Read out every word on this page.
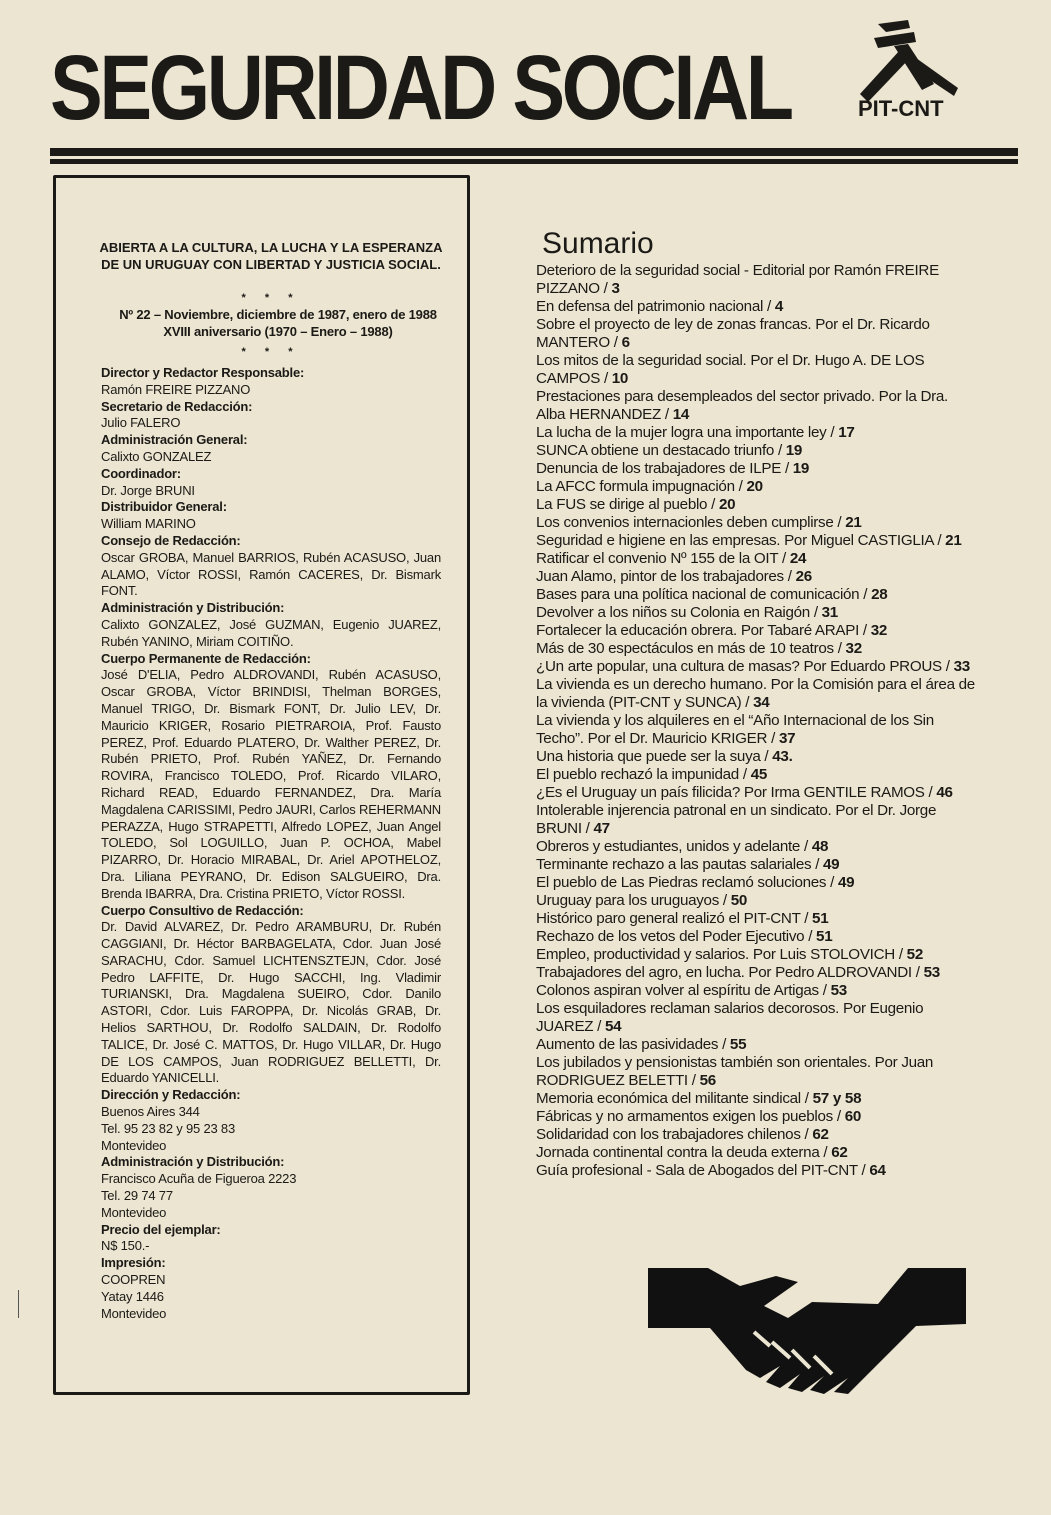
SEGURIDAD SOCIAL	PIT-CNT
ABIERTA A LA CULTURA, LA LUCHA Y LA ESPERANZA DE UN URUGUAY CON LIBERTAD Y JUSTICIA SOCIAL.
* * *
Nº 22 – Noviembre, diciembre de 1987, enero de 1988
XVIII aniversario (1970 – Enero – 1988)
* * *
Director y Redactor Responsable:
Ramón FREIRE PIZZANO
Secretario de Redacción:
Julio FALERO
Administración General:
Calixto GONZALEZ
Coordinador:
Dr. Jorge BRUNI
Distribuidor General:
William MARINO
Consejo de Redacción:
Oscar GROBA, Manuel BARRIOS, Rubén ACASUSO, Juan ALAMO, Víctor ROSSI, Ramón CACERES, Dr. Bismark FONT.
Administración y Distribución:
Calixto GONZALEZ, José GUZMAN, Eugenio JUAREZ, Rubén YANINO, Miriam COITIÑO.
Cuerpo Permanente de Redacción:
José D'ELIA, Pedro ALDROVANDI, Rubén ACASUSO, Oscar GROBA, Víctor BRINDISI, Thelman BORGES, Manuel TRIGO, Dr. Bismark FONT, Dr. Julio LEV, Dr. Mauricio KRIGER, Rosario PIETRAROIA, Prof. Fausto PEREZ, Prof. Eduardo PLATERO, Dr. Walther PEREZ, Dr. Rubén PRIETO, Prof. Rubén YAÑEZ, Dr. Fernando ROVIRA, Francisco TOLEDO, Prof. Ricardo VILARO, Richard READ, Eduardo FERNANDEZ, Dra. María Magdalena CARISSIMI, Pedro JAURI, Carlos REHERMANN PERAZZA, Hugo STRAPETTI, Alfredo LOPEZ, Juan Angel TOLEDO, Sol LOGUILLO, Juan P. OCHOA, Mabel PIZARRO, Dr. Horacio MIRABAL, Dr. Ariel APOTHELOZ, Dra. Liliana PEYRANO, Dr. Edison SALGUEIRO, Dra. Brenda IBARRA, Dra. Cristina PRIETO, Víctor ROSSI.
Cuerpo Consultivo de Redacción:
Dr. David ALVAREZ, Dr. Pedro ARAMBURU, Dr. Rubén CAGGIANI, Dr. Héctor BARBAGELATA, Cdor. Juan José SARACHU, Cdor. Samuel LICHTENSZTEJN, Cdor. José Pedro LAFFITE, Dr. Hugo SACCHI, Ing. Vladimir TURIANSKI, Dra. Magdalena SUEIRO, Cdor. Danilo ASTORI, Cdor. Luis FAROPPA, Dr. Nicolás GRAB, Dr. Helios SARTHOU, Dr. Rodolfo SALDAIN, Dr. Rodolfo TALICE, Dr. José C. MATTOS, Dr. Hugo VILLAR, Dr. Hugo DE LOS CAMPOS, Juan RODRIGUEZ BELLETTI, Dr. Eduardo YANICELLI.
Dirección y Redacción:
Buenos Aires 344
Tel. 95 23 82 y 95 23 83
Montevideo
Administración y Distribución:
Francisco Acuña de Figueroa 2223
Tel. 29 74 77
Montevideo
Precio del ejemplar:
N$ 150.-
Impresión:
COOPREN
Yatay 1446
Montevideo
Sumario
Deterioro de la seguridad social - Editorial por Ramón FREIRE PIZZANO / 3
En defensa del patrimonio nacional / 4
Sobre el proyecto de ley de zonas francas. Por el Dr. Ricardo MANTERO / 6
Los mitos de la seguridad social. Por el Dr. Hugo A. DE LOS CAMPOS / 10
Prestaciones para desempleados del sector privado. Por la Dra. Alba HERNANDEZ / 14
La lucha de la mujer logra una importante ley / 17
SUNCA obtiene un destacado triunfo / 19
Denuncia de los trabajadores de ILPE / 19
La AFCC formula impugnación / 20
La FUS se dirige al pueblo / 20
Los convenios internacionles deben cumplirse / 21
Seguridad e higiene en las empresas. Por Miguel CASTIGLIA / 21
Ratificar el convenio Nº 155 de la OIT / 24
Juan Alamo, pintor de los trabajadores / 26
Bases para una política nacional de comunicación / 28
Devolver a los niños su Colonia en Raigón / 31
Fortalecer la educación obrera. Por Tabaré ARAPI / 32
Más de 30 espectáculos en más de 10 teatros / 32
¿Un arte popular, una cultura de masas? Por Eduardo PROUS / 33
La vivienda es un derecho humano. Por la Comisión para el área de la vivienda (PIT-CNT y SUNCA) / 34
La vivienda y los alquileres en el “Año Internacional de los Sin Techo”. Por el Dr. Mauricio KRIGER / 37
Una historia que puede ser la suya / 43.
El pueblo rechazó la impunidad / 45
¿Es el Uruguay un país filicida? Por Irma GENTILE RAMOS / 46
Intolerable injerencia patronal en un sindicato. Por el Dr. Jorge BRUNI / 47
Obreros y estudiantes, unidos y adelante / 48
Terminante rechazo a las pautas salariales / 49
El pueblo de Las Piedras reclamó soluciones / 49
Uruguay para los uruguayos / 50
Histórico paro general realizó el PIT-CNT / 51
Rechazo de los vetos del Poder Ejecutivo / 51
Empleo, productividad y salarios. Por Luis STOLOVICH / 52
Trabajadores del agro, en lucha. Por Pedro ALDROVANDI / 53
Colonos aspiran volver al espíritu de Artigas / 53
Los esquiladores reclaman salarios decorosos. Por Eugenio JUAREZ / 54
Aumento de las pasividades / 55
Los jubilados y pensionistas también son orientales. Por Juan RODRIGUEZ BELETTI / 56
Memoria económica del militante sindical / 57 y 58
Fábricas y no armamentos exigen los pueblos / 60
Solidaridad con los trabajadores chilenos / 62
Jornada continental contra la deuda externa / 62
Guía profesional - Sala de Abogados del PIT-CNT / 64
